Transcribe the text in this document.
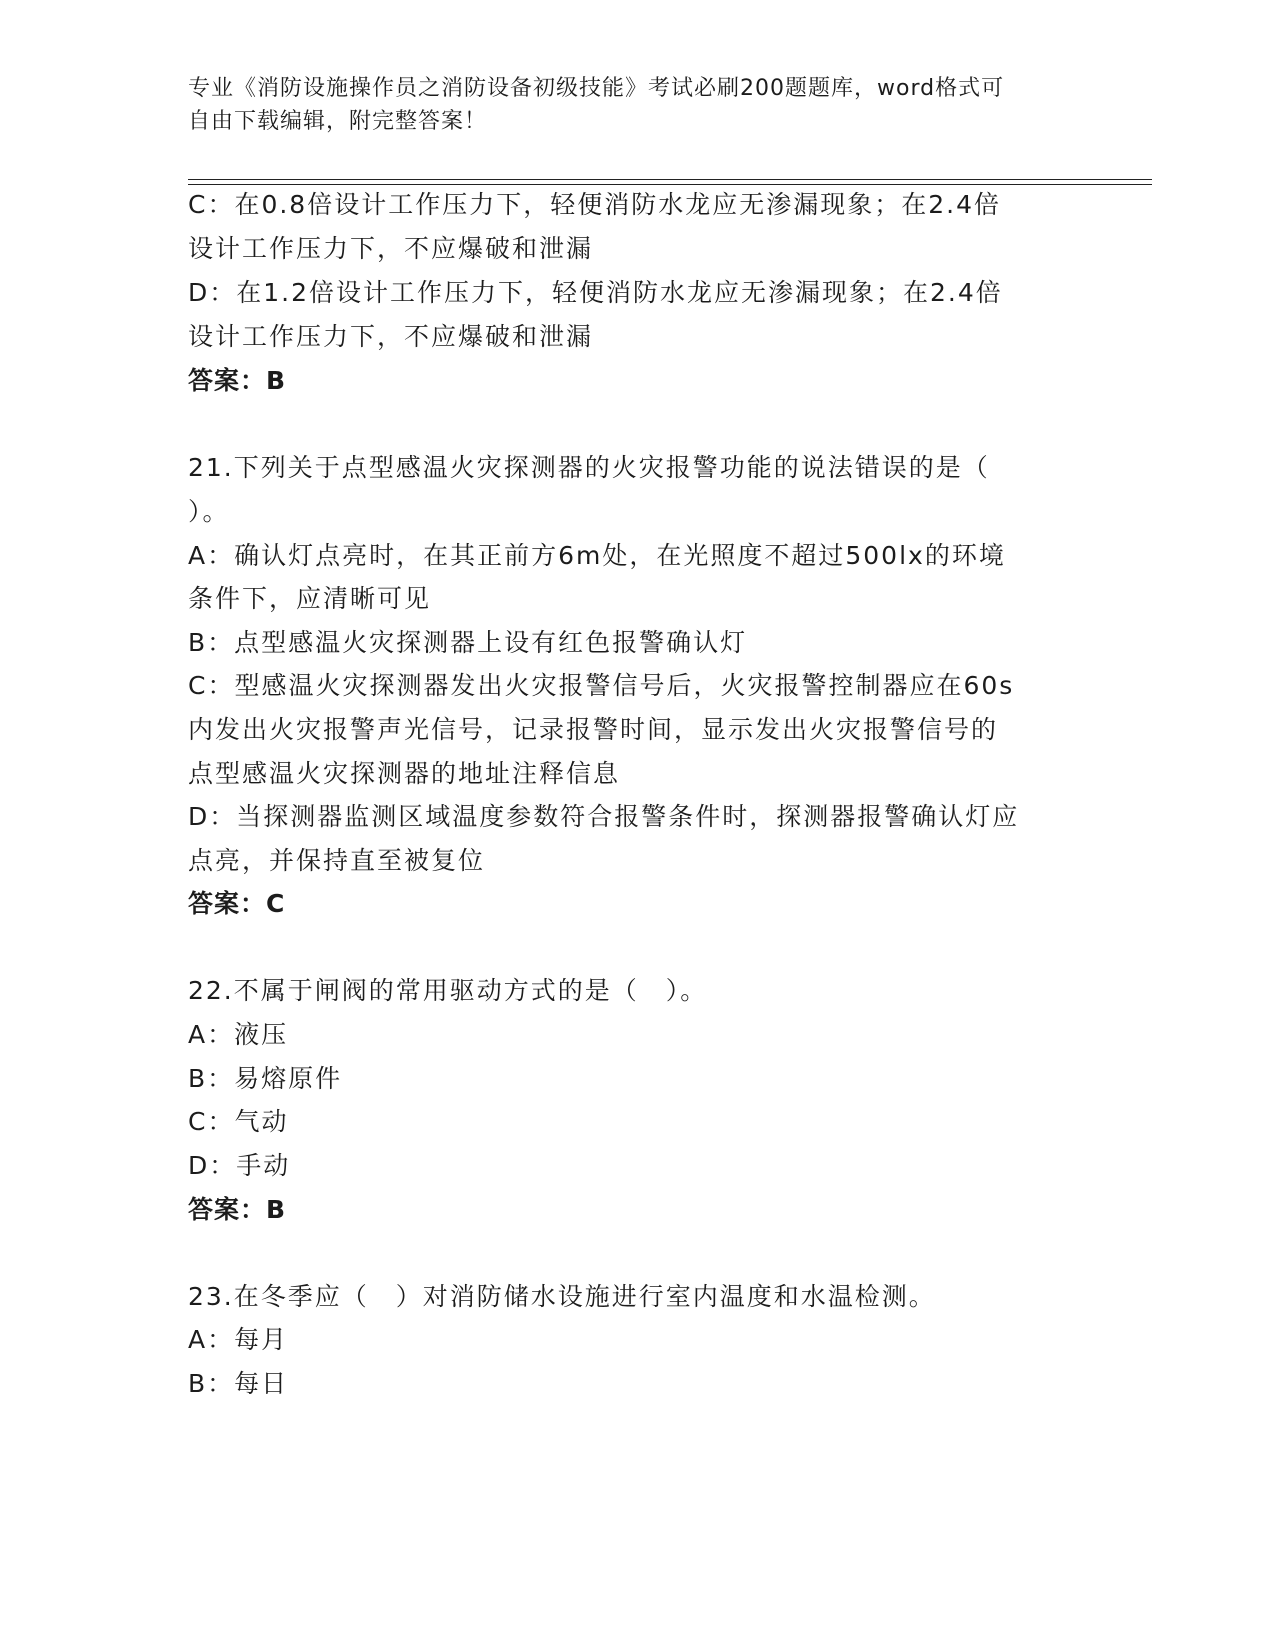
专业《消防设施操作员之消防设备初级技能》考试必刷200题题库，word格式可
自由下载编辑，附完整答案！
C：在0.8倍设计工作压力下，轻便消防水龙应无渗漏现象；在2.4倍
设计工作压力下，不应爆破和泄漏
D：在1.2倍设计工作压力下，轻便消防水龙应无渗漏现象；在2.4倍
设计工作压力下，不应爆破和泄漏
答案：B
21.下列关于点型感温火灾探测器的火灾报警功能的说法错误的是（
）。
A：确认灯点亮时，在其正前方6m处，在光照度不超过500lx的环境
条件下，应清晰可见
B：点型感温火灾探测器上设有红色报警确认灯
C：型感温火灾探测器发出火灾报警信号后，火灾报警控制器应在60s
内发出火灾报警声光信号，记录报警时间，显示发出火灾报警信号的
点型感温火灾探测器的地址注释信息
D：当探测器监测区域温度参数符合报警条件时，探测器报警确认灯应
点亮，并保持直至被复位
答案：C
22.不属于闸阀的常用驱动方式的是（　）。
A：液压
B：易熔原件
C：气动
D：手动
答案：B
23.在冬季应（　）对消防储水设施进行室内温度和水温检测。
A：每月
B：每日
